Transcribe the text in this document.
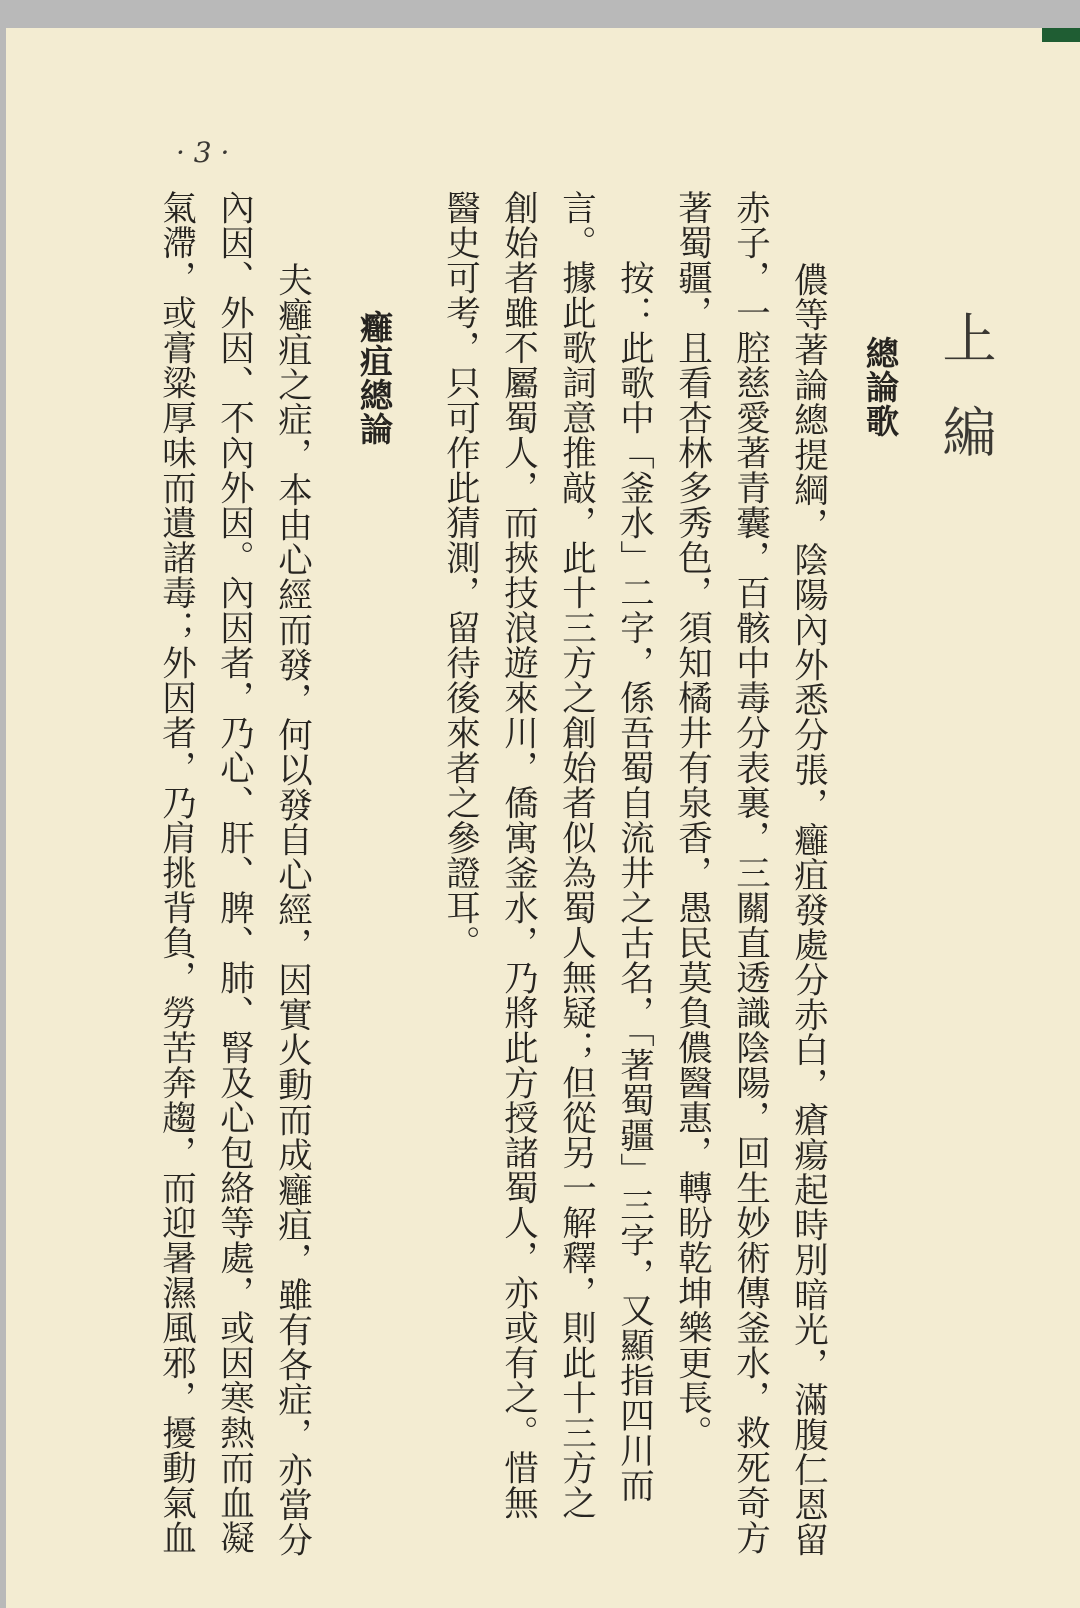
上編
總論歌
儂等著論總提綱，陰陽內外悉分張，癰疽發處分赤白，瘡瘍起時別暗光，滿腹仁恩留
赤子，一腔慈愛著青囊，百骸中毒分表裏，三關直透識陰陽，回生妙術傳釜水，救死奇方
著蜀疆，且看杏林多秀色，須知橘井有泉香，愚民莫負儂醫惠，轉盼乾坤樂更長。
按：此歌中「釜水」二字，係吾蜀自流井之古名，「著蜀疆」三字，又顯指四川而
言。據此歌詞意推敲，此十三方之創始者似為蜀人無疑；但從另一解釋，則此十三方之
創始者雖不屬蜀人，而挾技浪遊來川，僑寓釜水，乃將此方授諸蜀人，亦或有之。惜無
醫史可考，只可作此猜測，留待後來者之參證耳。
癰疽總論
夫癰疽之症，本由心經而發，何以發自心經，因實火動而成癰疽，雖有各症，亦當分
內因、外因、不內外因。內因者，乃心、肝、脾、肺、腎及心包絡等處，或因寒熱而血凝
氣滯，或膏粱厚味而遺諸毒；外因者，乃肩挑背負，勞苦奔趨，而迎暑濕風邪，擾動氣血
· 3 ·
